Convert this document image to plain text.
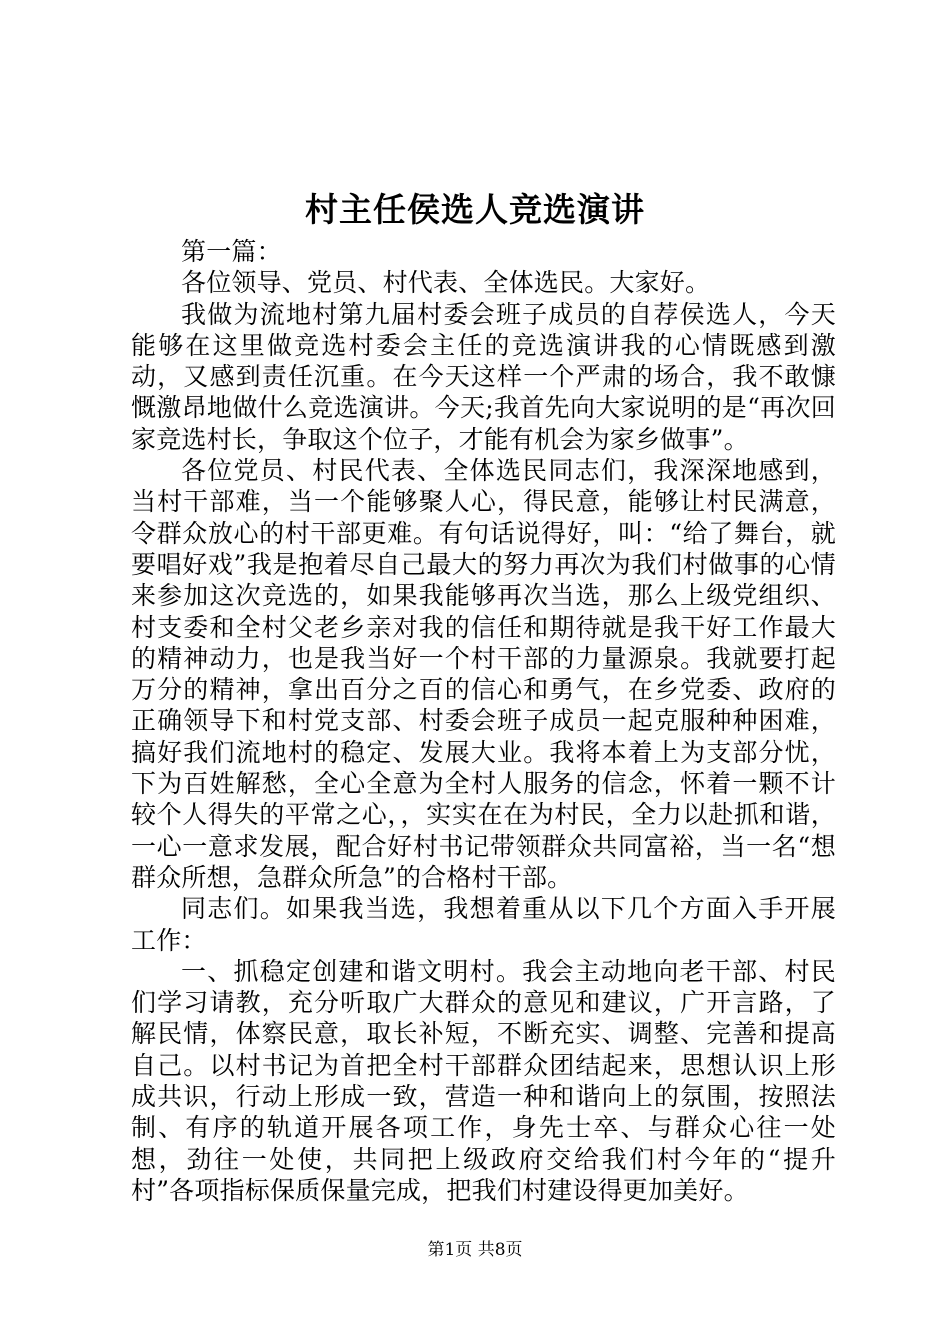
村主任侯选人竞选演讲

第一篇：

各位领导、党员、村代表、全体选民。大家好。

我做为流地村第九届村委会班子成员的自荐侯选人，今天能够在这里做竞选村委会主任的竞选演讲我的心情既感到激动，又感到责任沉重。在今天这样一个严肃的场合，我不敢慷慨激昂地做什么竞选演讲。今天;我首先向大家说明的是“再次回家竞选村长，争取这个位子，才能有机会为家乡做事”。

各位党员、村民代表、全体选民同志们，我深深地感到，当村干部难，当一个能够聚人心，得民意，能够让村民满意，令群众放心的村干部更难。有句话说得好，叫：“给了舞台，就要唱好戏”我是抱着尽自己最大的努力再次为我们村做事的心情来参加这次竞选的，如果我能够再次当选，那么上级党组织、村支委和全村父老乡亲对我的信任和期待就是我干好工作最大的精神动力，也是我当好一个村干部的力量源泉。我就要打起万分的精神，拿出百分之百的信心和勇气，在乡党委、政府的正确领导下和村党支部、村委会班子成员一起克服种种困难，搞好我们流地村的稳定、发展大业。我将本着上为支部分忧，下为百姓解愁，全心全意为全村人服务的信念，怀着一颗不计较个人得失的平常之心，，实实在在为村民，全力以赴抓和谐，一心一意求发展，配合好村书记带领群众共同富裕，当一名“想群众所想，急群众所急”的合格村干部。

同志们。如果我当选，我想着重从以下几个方面入手开展工作：

一、抓稳定创建和谐文明村。我会主动地向老干部、村民们学习请教，充分听取广大群众的意见和建议，广开言路，了解民情，体察民意，取长补短，不断充实、调整、完善和提高自己。以村书记为首把全村干部群众团结起来，思想认识上形成共识，行动上形成一致，营造一种和谐向上的氛围，按照法制、有序的轨道开展各项工作，身先士卒、与群众心往一处想，劲往一处使，共同把上级政府交给我们村今年的“提升村”各项指标保质保量完成，把我们村建设得更加美好。

第1页 共8页
